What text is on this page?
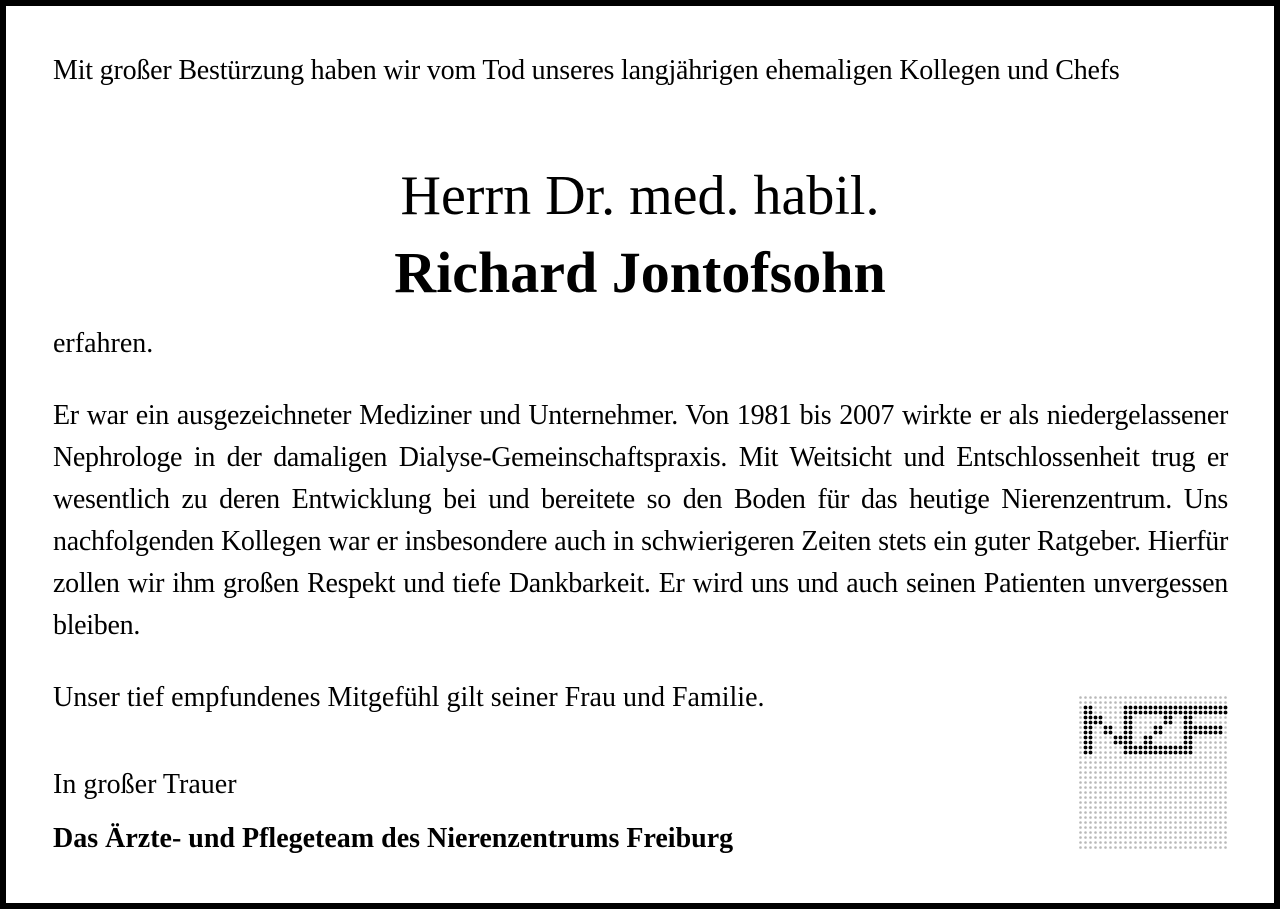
Mit großer Bestürzung haben wir vom Tod unseres langjährigen ehemaligen Kollegen und Chefs
Herrn Dr. med. habil.
Richard Jontofsohn
erfahren.
Er war ein ausgezeichneter Mediziner und Unternehmer. Von 1981 bis 2007 wirkte er als niedergelassener Nephrologe in der damaligen Dialyse-Gemeinschaftspraxis. Mit Weitsicht und Entschlossenheit trug er wesentlich zu deren Entwicklung bei und bereitete so den Boden für das heutige Nierenzentrum. Uns nachfolgenden Kollegen war er insbesondere auch in schwierigeren Zeiten stets ein guter Ratgeber. Hierfür zollen wir ihm großen Respekt und tiefe Dankbarkeit. Er wird uns und auch seinen Patienten unvergessen bleiben.
Unser tief empfundenes Mitgefühl gilt seiner Frau und Familie.
In großer Trauer
Das Ärzte- und Pflegeteam des Nierenzentrums Freiburg
